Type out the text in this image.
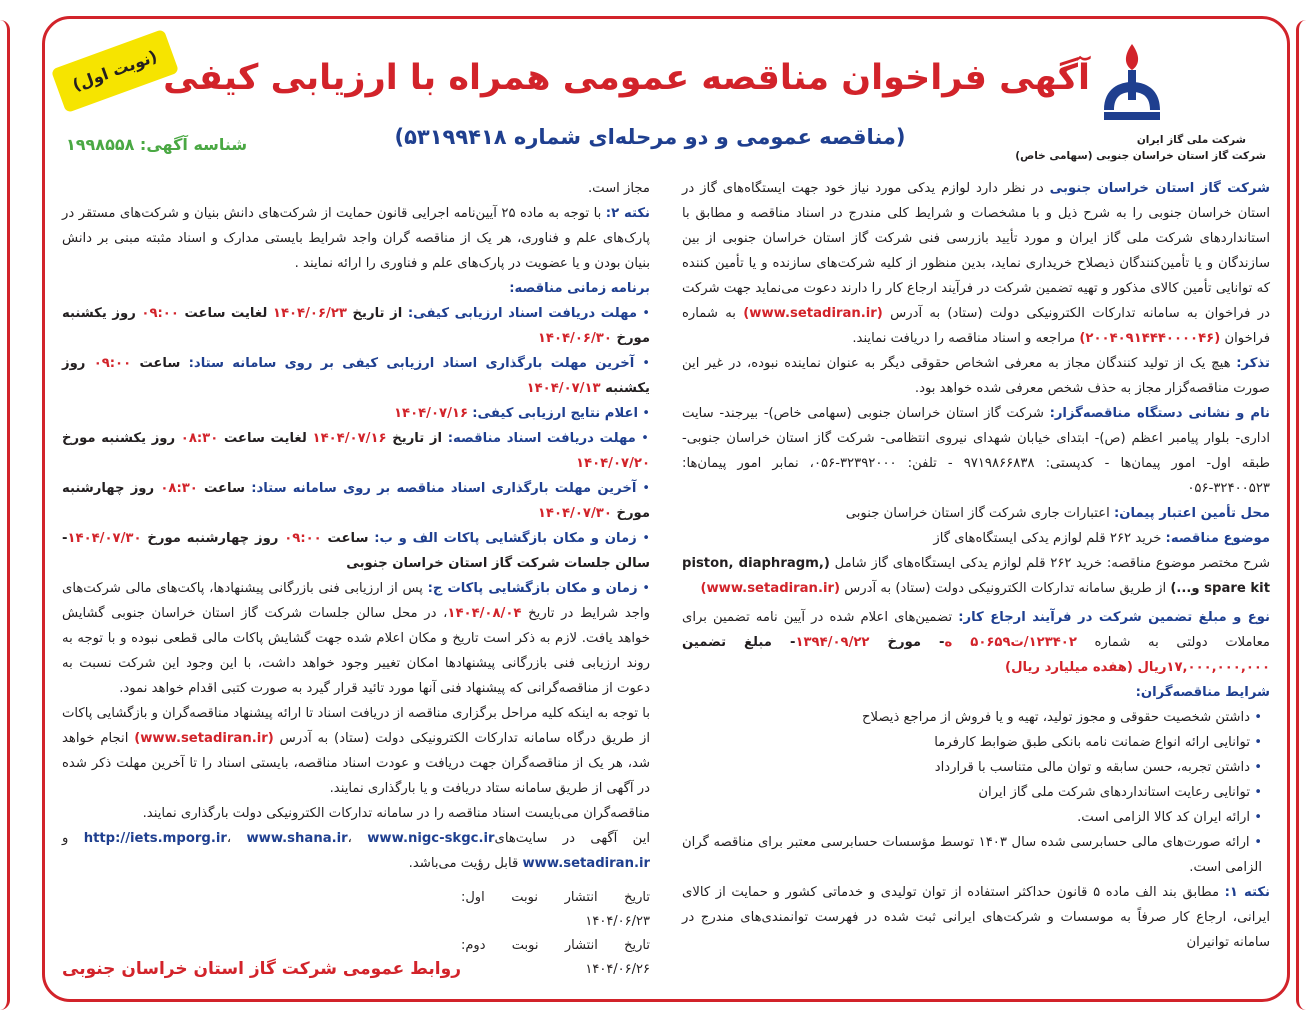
(نوبت اول) آگهی فراخوان مناقصه عمومی همراه با ارزیابی کیفی
(مناقصه عمومی و دو مرحله‌ای شماره ۵۳۱۹۹۴۱۸)
شناسه آگهی: ۱۹۹۸۵۵۸	شرکت ملی گاز ایران
شرکت گاز استان خراسان جنوبی (سهامی خاص)

شرکت گاز استان خراسان جنوبی در نظر دارد لوازم یدکی مورد نیاز خود جهت ایستگاه‌های گاز در استان خراسان جنوبی را به شرح ذیل و با مشخصات و شرایط کلی مندرج در اسناد مناقصه و مطابق با استانداردهای شرکت ملی گاز ایران و مورد تأیید بازرسی فنی شرکت گاز استان خراسان جنوبی از بین سازندگان و یا تأمین‌کنندگان ذیصلاح خریداری نماید، بدین منظور از کلیه شرکت‌های سازنده و یا تأمین کننده که توانایی تأمین کالای مذکور و تهیه تضمین شرکت در فرآیند ارجاع کار را دارند دعوت می‌نماید جهت شرکت در فراخوان به سامانه تدارکات الکترونیکی دولت (ستاد) به آدرس (www.setadiran.ir) به شماره فراخوان (۲۰۰۴۰۹۱۴۴۴۰۰۰۰۴۶) مراجعه و اسناد مناقصه را دریافت نمایند.

تذکر: هیچ یک از تولید کنندگان مجاز به معرفی اشخاص حقوقی دیگر به عنوان نماینده نبوده، در غیر این صورت مناقصه‌گزار مجاز به حذف شخص معرفی شده خواهد بود.

نام و نشانی دستگاه مناقصه‌گزار: شرکت گاز استان خراسان جنوبی (سهامی خاص)- بیرجند- سایت اداری- بلوار پیامبر اعظم (ص)- ابتدای خیابان شهدای نیروی انتظامی- شرکت گاز استان خراسان جنوبی- طبقه اول- امور پیمان‌ها - کدپستی: ۹۷۱۹۸۶۶۸۳۸ - تلفن: ۳۲۳۹۲۰۰۰-۰۵۶، نمابر امور پیمان‌ها: ۳۲۴۰۰۵۲۳-۰۵۶

محل تأمین اعتبار پیمان: اعتبارات جاری شرکت گاز استان خراسان جنوبی

موضوع مناقصه: خرید ۲۶۲ قلم لوازم یدکی ایستگاه‌های گاز

شرح مختصر موضوع مناقصه: خرید ۲۶۲ قلم لوازم یدکی ایستگاه‌های گاز شامل (piston, diaphragm, spare kit و...) از طریق سامانه تدارکات الکترونیکی دولت (ستاد) به آدرس (www.setadiran.ir)

نوع و مبلغ تضمین شرکت در فرآیند ارجاع کار: تضمین‌های اعلام شده در آیین نامه تضمین برای معاملات دولتی به شماره ۱۲۳۴۰۲/ت۵۰۶۵۹ ه- مورخ ۱۳۹۴/۰۹/۲۲- مبلغ تضمین ۱۷,۰۰۰,۰۰۰,۰۰۰ریال (هفده میلیارد ریال)

شرایط مناقصه‌گران:

• داشتن شخصیت حقوقی و مجوز تولید، تهیه و یا فروش از مراجع ذیصلاح

• توانایی ارائه انواع ضمانت نامه بانکی طبق ضوابط کارفرما

• داشتن تجربه، حسن سابقه و توان مالی متناسب با قرارداد

• توانایی رعایت استانداردهای شرکت ملی گاز ایران

• ارائه ایران کد کالا الزامی است.

• ارائه صورت‌های مالی حسابرسی شده سال ۱۴۰۳ توسط مؤسسات حسابرسی معتبر برای مناقصه گران الزامی است.

نکته ۱: مطابق بند الف ماده ۵ قانون حداکثر استفاده از توان تولیدی و خدماتی کشور و حمایت از کالای ایرانی، ارجاع کار صرفاً به موسسات و شرکت‌های ایرانی ثبت شده در فهرست توانمندی‌های مندرج در سامانه توانیران

مجاز است.

نکته ۲: با توجه به ماده ۲۵ آیین‌نامه اجرایی قانون حمایت از شرکت‌های دانش بنیان و شرکت‌های مستقر در پارک‌های علم و فناوری، هر یک از مناقصه گران واجد شرایط بایستی مدارک و اسناد مثبته مبنی بر دانش بنیان بودن و یا عضویت در پارک‌های علم و فناوری را ارائه نمایند .

برنامه زمانی مناقصه:

• مهلت دریافت اسناد ارزیابی کیفی: از تاریخ ۱۴۰۴/۰۶/۲۳ لغایت ساعت ۰۹:۰۰ روز یکشنبه مورخ ۱۴۰۴/۰۶/۳۰

• آخرین مهلت بارگذاری اسناد ارزیابی کیفی بر روی سامانه ستاد: ساعت ۰۹:۰۰ روز یکشنبه ۱۴۰۴/۰۷/۱۳

• اعلام نتایج ارزیابی کیفی: ۱۴۰۴/۰۷/۱۶

• مهلت دریافت اسناد مناقصه: از تاریخ ۱۴۰۴/۰۷/۱۶ لغایت ساعت ۰۸:۳۰ روز یکشنبه مورخ ۱۴۰۴/۰۷/۲۰

• آخرین مهلت بارگذاری اسناد مناقصه بر روی سامانه ستاد: ساعت ۰۸:۳۰ روز چهارشنبه مورخ ۱۴۰۴/۰۷/۳۰

• زمان و مکان بازگشایی پاکات الف و ب: ساعت ۰۹:۰۰ روز چهارشنبه مورخ ۱۴۰۴/۰۷/۳۰- سالن جلسات شرکت گاز استان خراسان جنوبی

• زمان و مکان بازگشایی پاکات ج: پس از ارزیابی فنی بازرگانی پیشنهادها، پاکت‌های مالی شرکت‌های واجد شرایط در تاریخ ۱۴۰۴/۰۸/۰۴، در محل سالن جلسات شرکت گاز استان خراسان جنوبی گشایش خواهد یافت. لازم به ذکر است تاریخ و مکان اعلام شده جهت گشایش پاکات مالی قطعی نبوده و با توجه به روند ارزیابی فنی بازرگانی پیشنهادها امکان تغییر وجود خواهد داشت، با این وجود این شرکت نسبت به دعوت از مناقصه‌گرانی که پیشنهاد فنی آنها مورد تائید قرار گیرد به صورت کتبی اقدام خواهد نمود.

با توجه به اینکه کلیه مراحل برگزاری مناقصه از دریافت اسناد تا ارائه پیشنهاد مناقصه‌گران و بازگشایی پاکات از طریق درگاه سامانه تدارکات الکترونیکی دولت (ستاد) به آدرس (www.setadiran.ir) انجام خواهد شد، هر یک از مناقصه‌گران جهت دریافت و عودت اسناد مناقصه، بایستی اسناد را تا آخرین مهلت ذکر شده در آگهی از طریق سامانه ستاد دریافت و یا بارگذاری نمایند.

مناقصه‌گران می‌بایست اسناد مناقصه را در سامانه تدارکات الکترونیکی دولت بارگذاری نمایند.

این آگهی در سایت‌هایhttp://iets.mporg.ir، www.shana.ir، www.nigc-skgc.ir و www.setadiran.ir قابل رؤیت می‌باشد.

تاریخ انتشار نوبت اول: ۱۴۰۴/۰۶/۲۳

تاریخ انتشار نوبت دوم: ۱۴۰۴/۰۶/۲۶

روابط عمومی شرکت گاز استان خراسان جنوبی
